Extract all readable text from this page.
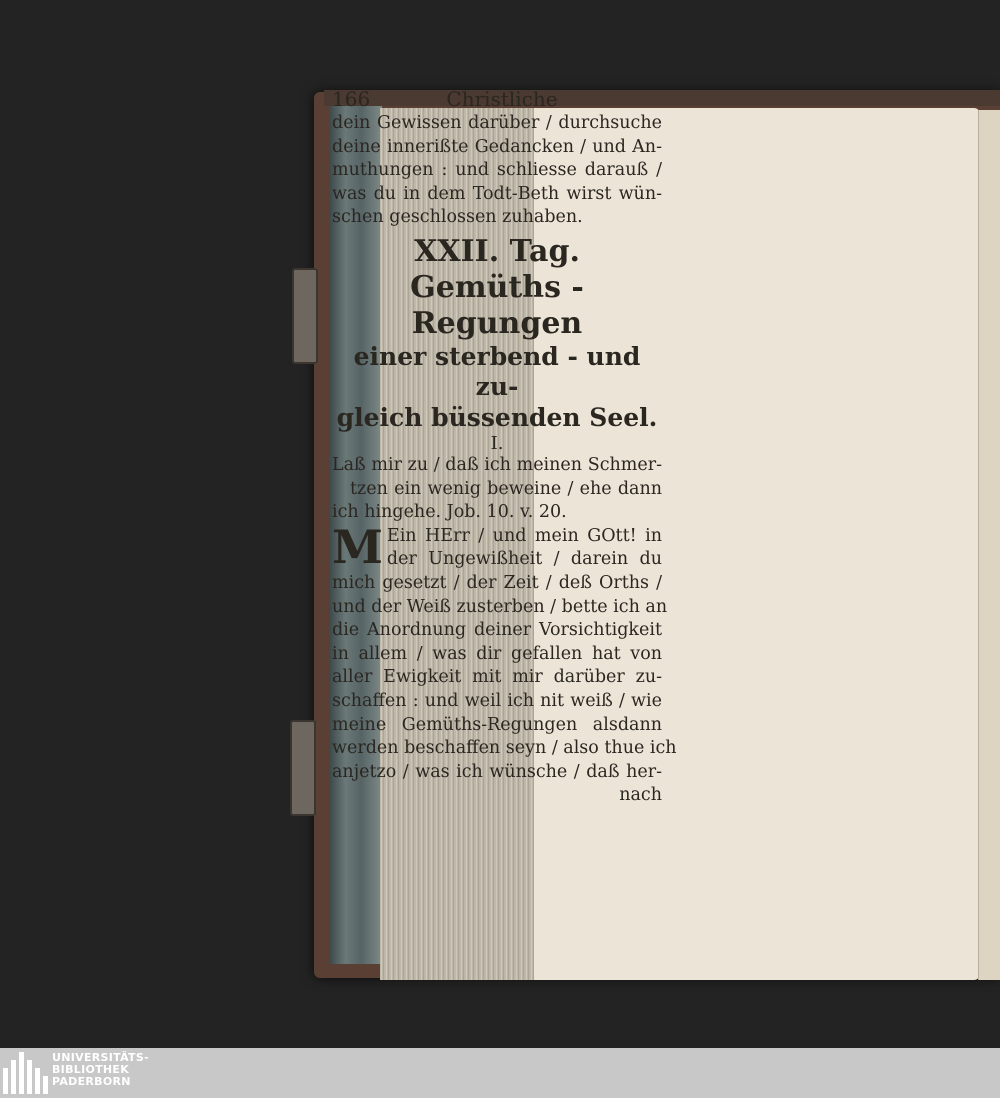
166	Christliche
dein Gewissen darüber / durchsuche
deine innerißte Gedancken / und An-
muthungen : und schliesse darauß /
was du in dem Todt-Beth wirst wün-
schen geschlossen zuhaben.
XXII. Tag.
Gemüths - Regungen
einer sterbend - und zu-
gleich büssenden Seel.
I.
Laß mir zu / daß ich meinen Schmer-
tzen ein wenig beweine / ehe dann
ich hingehe. Job. 10. v. 20.
M Ein HErr / und mein GOtt! in
der Ungewißheit / darein du
mich gesetzt / der Zeit / deß Orths /
und der Weiß zusterben / bette ich an
die Anordnung deiner Vorsichtigkeit
in allem / was dir gefallen hat von
aller Ewigkeit mit mir darüber zu-
schaffen : und weil ich nit weiß / wie
meine Gemüths-Regungen alsdann
werden beschaffen seyn / also thue ich
anjetzo / was ich wünsche / daß her-
nach
UNIVERSITÄTS-
BIBLIOTHEK
PADERBORN
